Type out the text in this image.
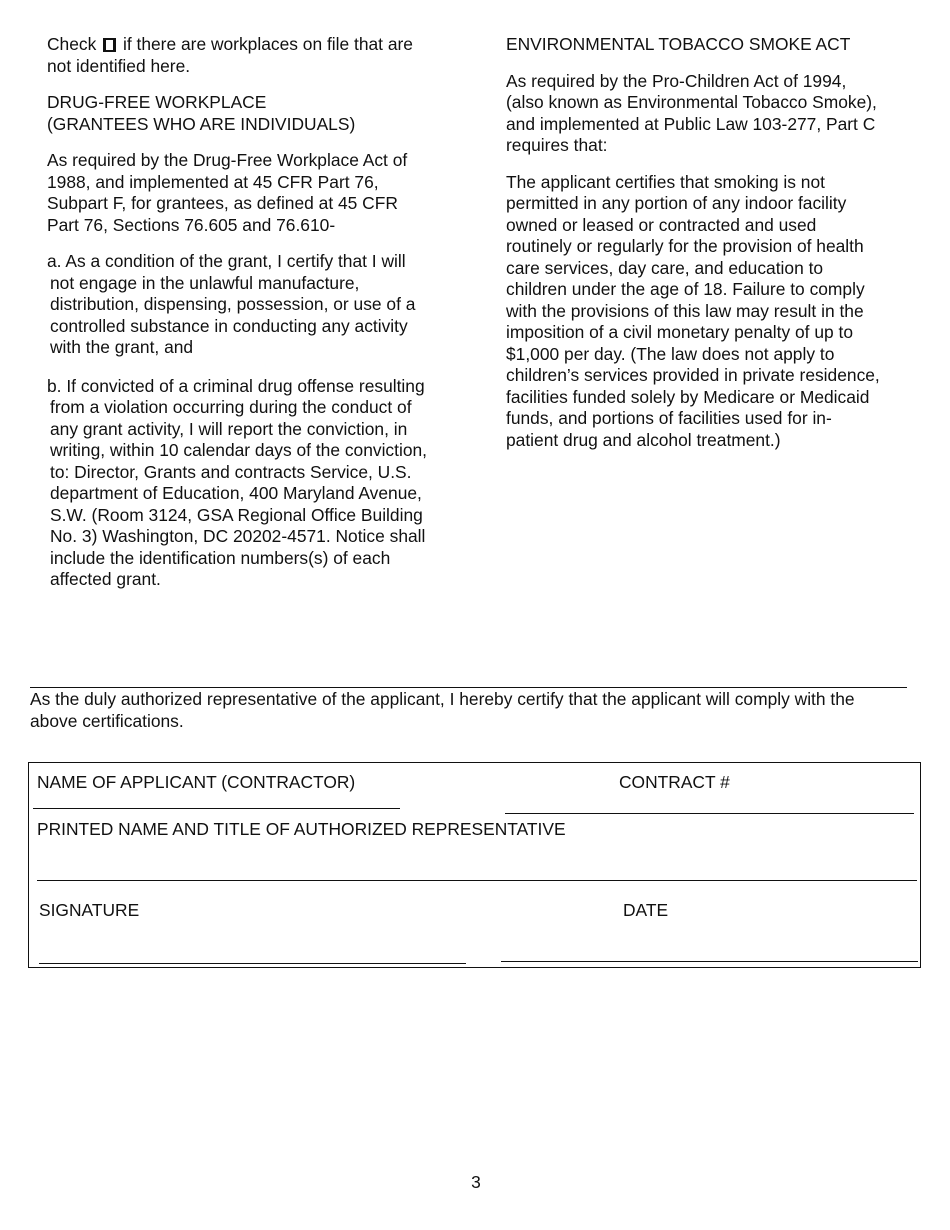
Check if there are workplaces on file that are
not identified here.

DRUG-FREE WORKPLACE
(GRANTEES WHO ARE INDIVIDUALS)

As required by the Drug-Free Workplace Act of
1988, and implemented at 45 CFR Part 76,
Subpart F, for grantees, as defined at 45 CFR
Part 76, Sections 76.605 and 76.610-

a. As a condition of the grant, I certify that I will
not engage in the unlawful manufacture,
distribution, dispensing, possession, or use of a
controlled substance in conducting any activity
with the grant, and

b. If convicted of a criminal drug offense resulting
from a violation occurring during the conduct of
any grant activity, I will report the conviction, in
writing, within 10 calendar days of the conviction,
to: Director, Grants and contracts Service, U.S.
department of Education, 400 Maryland Avenue,
S.W. (Room 3124, GSA Regional Office Building
No. 3) Washington, DC 20202-4571. Notice shall
include the identification numbers(s) of each
affected grant.

ENVIRONMENTAL TOBACCO SMOKE ACT

As required by the Pro-Children Act of 1994,
(also known as Environmental Tobacco Smoke),
and implemented at Public Law 103-277, Part C
requires that:

The applicant certifies that smoking is not
permitted in any portion of any indoor facility
owned or leased or contracted and used
routinely or regularly for the provision of health
care services, day care, and education to
children under the age of 18. Failure to comply
with the provisions of this law may result in the
imposition of a civil monetary penalty of up to
$1,000 per day. (The law does not apply to
children’s services provided in private residence,
facilities funded solely by Medicare or Medicaid
funds, and portions of facilities used for in-
patient drug and alcohol treatment.)

As the duly authorized representative of the applicant, I hereby certify that the applicant will comply with the
above certifications.

NAME OF APPLICANT (CONTRACTOR)	CONTRACT #
PRINTED NAME AND TITLE OF AUTHORIZED REPRESENTATIVE
SIGNATURE	DATE
3
